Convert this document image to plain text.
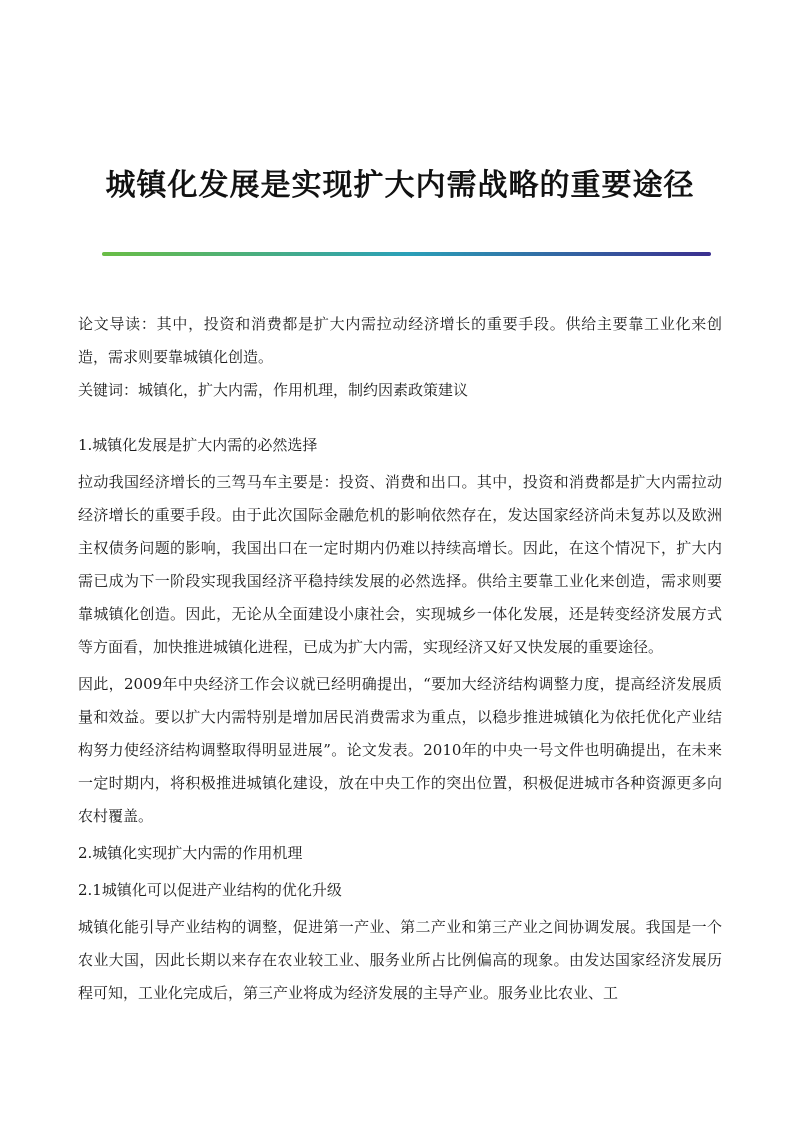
城镇化发展是实现扩大内需战略的重要途径

论文导读：其中，投资和消费都是扩大内需拉动经济增长的重要手段。供给主要靠工业化来创造，需求则要靠城镇化创造。

关键词：城镇化，扩大内需，作用机理，制约因素政策建议

1.城镇化发展是扩大内需的必然选择

拉动我国经济增长的三驾马车主要是：投资、消费和出口。其中，投资和消费都是扩大内需拉动经济增长的重要手段。由于此次国际金融危机的影响依然存在，发达国家经济尚未复苏以及欧洲主权债务问题的影响，我国出口在一定时期内仍难以持续高增长。因此，在这个情况下，扩大内需已成为下一阶段实现我国经济平稳持续发展的必然选择。供给主要靠工业化来创造，需求则要靠城镇化创造。因此，无论从全面建设小康社会，实现城乡一体化发展，还是转变经济发展方式等方面看，加快推进城镇化进程，已成为扩大内需，实现经济又好又快发展的重要途径。

因此，2009年中央经济工作会议就已经明确提出，“要加大经济结构调整力度，提高经济发展质量和效益。要以扩大内需特别是增加居民消费需求为重点，以稳步推进城镇化为依托优化产业结构努力使经济结构调整取得明显进展”。论文发表。2010年的中央一号文件也明确提出，在未来一定时期内，将积极推进城镇化建设，放在中央工作的突出位置，积极促进城市各种资源更多向农村覆盖。

2.城镇化实现扩大内需的作用机理

2.1城镇化可以促进产业结构的优化升级

城镇化能引导产业结构的调整，促进第一产业、第二产业和第三产业之间协调发展。我国是一个农业大国，因此长期以来存在农业较工业、服务业所占比例偏高的现象。由发达国家经济发展历程可知，工业化完成后，第三产业将成为经济发展的主导产业。服务业比农业、工
